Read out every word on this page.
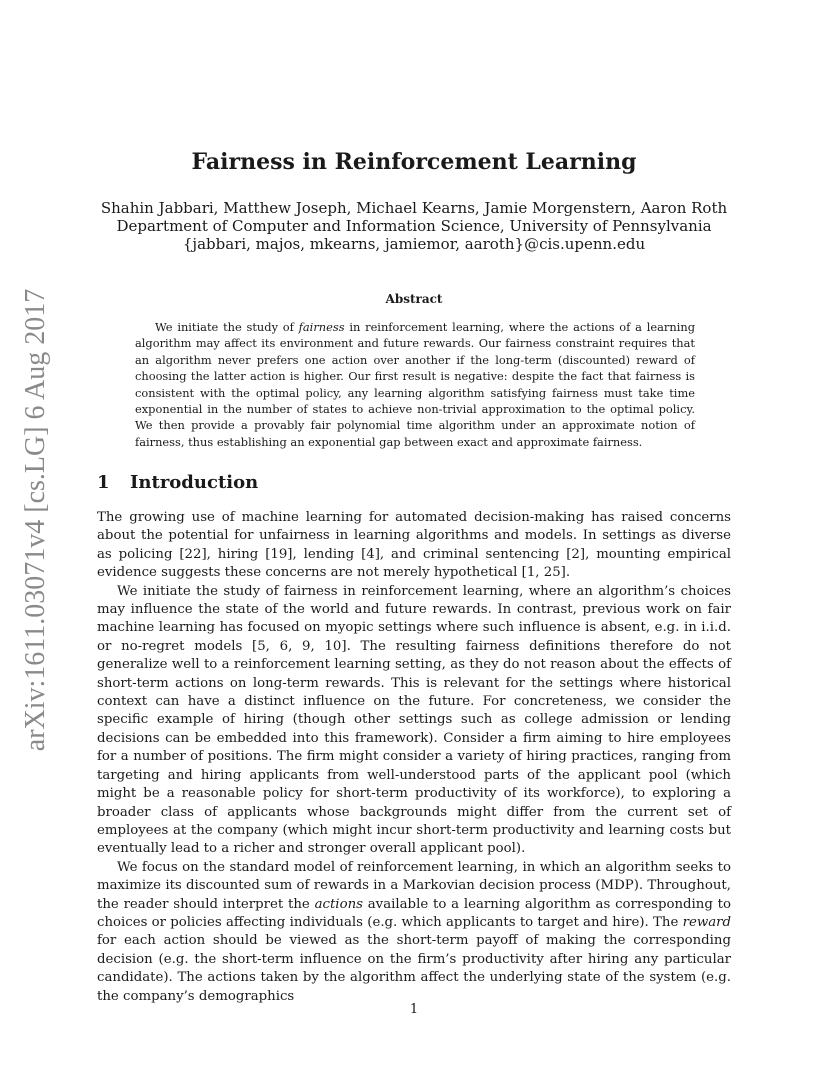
arXiv:1611.03071v4 [cs.LG] 6 Aug 2017
Fairness in Reinforcement Learning
Shahin Jabbari, Matthew Joseph, Michael Kearns, Jamie Morgenstern, Aaron Roth
Department of Computer and Information Science, University of Pennsylvania
{jabbari, majos, mkearns, jamiemor, aaroth}@cis.upenn.edu
Abstract
We initiate the study of fairness in reinforcement learning, where the actions of a learning algorithm may affect its environment and future rewards. Our fairness constraint requires that an algorithm never prefers one action over another if the long-term (discounted) reward of choosing the latter action is higher. Our first result is negative: despite the fact that fairness is consistent with the optimal policy, any learning algorithm satisfying fairness must take time exponential in the number of states to achieve non-trivial approximation to the optimal policy. We then provide a provably fair polynomial time algorithm under an approximate notion of fairness, thus establishing an exponential gap between exact and approximate fairness.
1 Introduction

The growing use of machine learning for automated decision-making has raised concerns about the potential for unfairness in learning algorithms and models. In settings as diverse as policing [22], hiring [19], lending [4], and criminal sentencing [2], mounting empirical evidence suggests these concerns are not merely hypothetical [1, 25].

We initiate the study of fairness in reinforcement learning, where an algorithm’s choices may influence the state of the world and future rewards. In contrast, previous work on fair machine learning has focused on myopic settings where such influence is absent, e.g. in i.i.d. or no-regret models [5, 6, 9, 10]. The resulting fairness definitions therefore do not generalize well to a reinforcement learning setting, as they do not reason about the effects of short-term actions on long-term rewards. This is relevant for the settings where historical context can have a distinct influence on the future. For concreteness, we consider the specific example of hiring (though other settings such as college admission or lending decisions can be embedded into this framework). Consider a firm aiming to hire employees for a number of positions. The firm might consider a variety of hiring practices, ranging from targeting and hiring applicants from well-understood parts of the applicant pool (which might be a reasonable policy for short-term productivity of its workforce), to exploring a broader class of applicants whose backgrounds might differ from the current set of employees at the company (which might incur short-term productivity and learning costs but eventually lead to a richer and stronger overall applicant pool).

We focus on the standard model of reinforcement learning, in which an algorithm seeks to maximize its discounted sum of rewards in a Markovian decision process (MDP). Throughout, the reader should interpret the actions available to a learning algorithm as corresponding to choices or policies affecting individuals (e.g. which applicants to target and hire). The reward for each action should be viewed as the short-term payoff of making the corresponding decision (e.g. the short-term influence on the firm’s productivity after hiring any particular candidate). The actions taken by the algorithm affect the underlying state of the system (e.g. the company’s demographics

1
